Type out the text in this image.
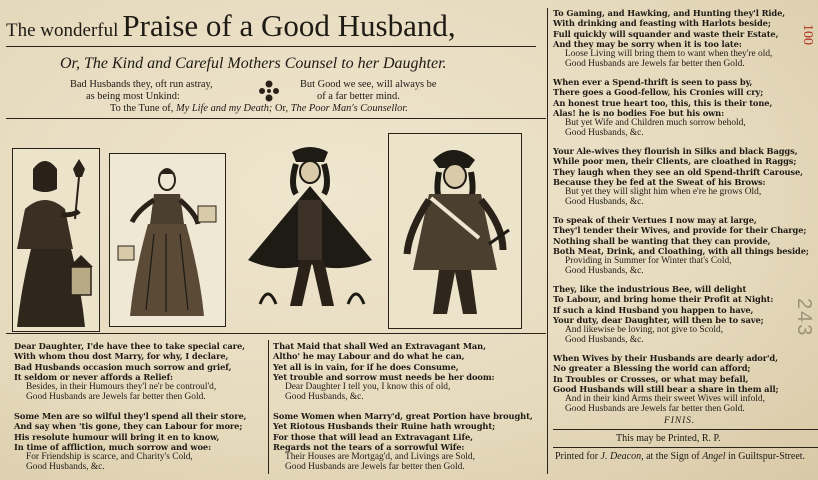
The wonderful Praise of a Good Husband,
Or, The Kind and Careful Mothers Counsel to her Daughter.
Bad Husbands they, oft run astray,
as being most Unkind:
But Good we see, will always be
of a far better mind.
To the Tune of, My Life and my Death; Or, The Poor Man's Counsellor.
Dear Daughter, I'de have thee to take special care,
With whom thou dost Marry, for why, I declare,
Bad Husbands occasion much sorrow and grief,
It seldom or never affords a Relief:
Besides, in their Humours they'l ne'r be controul'd,
Good Husbands are Jewels far better then Gold.
Some Men are so wilful they'l spend all their store,
And say when 'tis gone, they can Labour for more;
His resolute humour will bring it en to know,
In time of affliction, much sorrow and woe:
For Friendship is scarce, and Charity's Cold,
Good Husbands, &c.
That Maid that shall Wed an Extravagant Man,
Altho' he may Labour and do what he can,
Yet all is in vain, for if he does Consume,
Yet trouble and sorrow must needs be her doom:
Dear Daughter I tell you, I know this of old,
Good Husbands, &c.
Some Women when Marry'd, great Portion have brought,
Yet Riotous Husbands their Ruine hath wrought;
For those that will lead an Extravagant Life,
Regards not the tears of a sorrowful Wife:
Their Houses are Mortgag'd, and Livings are Sold,
Good Husbands are Jewels far better then Gold.
To Gaming, and Hawking, and Hunting they'l Ride,
With drinking and feasting with Harlots beside;
Full quickly will squander and waste their Estate,
And they may be sorry when it is too late:
Loose Living will bring them to want when they're old,
Good Husbands are Jewels far better then Gold.
When ever a Spend-thrift is seen to pass by,
There goes a Good-fellow, his Cronies will cry;
An honest true heart too, this, this is their tone,
Alas! he is no bodies Foe but his own:
But yet Wife and Children much sorrow behold,
Good Husbands, &c.
Your Ale-wives they flourish in Silks and black Baggs,
While poor men, their Clients, are cloathed in Raggs;
They laugh when they see an old Spend-thrift Carouse,
Because they be fed at the Sweat of his Brows:
But yet they will slight him when e're he grows Old,
Good Husbands, &c.
To speak of their Vertues I now may at large,
They'l tender their Wives, and provide for their Charge;
Nothing shall be wanting that they can provide,
Both Meat, Drink, and Cloathing, with all things beside;
Providing in Summer for Winter that's Cold,
Good Husbands, &c.
They, like the industrious Bee, will delight
To Labour, and bring home their Profit at Night:
If such a kind Husband you happen to have,
Your duty, dear Daughter, will then be to save;
And likewise be loving, not give to Scold,
Good Husbands, &c.
When Wives by their Husbands are dearly ador'd,
No greater a Blessing the world can afford;
In Troubles or Crosses, or what may befall,
Good Husbands will still bear a share in them all;
And in their kind Arms their sweet Wives will infold,
Good Husbands are Jewels far better then Gold.
FINIS.
This may be Printed, R. P.
Printed for J. Deacon, at the Sign of Angel in Guiltspur-Street.
100
243
